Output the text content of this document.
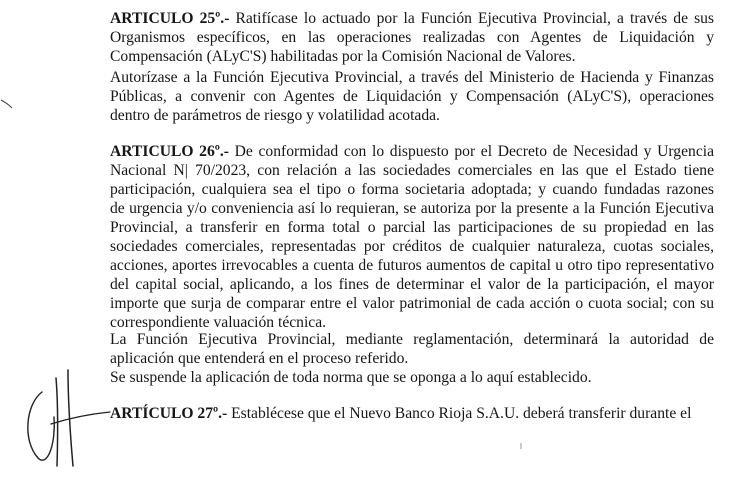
ARTICULO 25º.- Ratifícase lo actuado por la Función Ejecutiva Provincial, a través de sus
Organismos específicos, en las operaciones realizadas con Agentes de Liquidación y
Compensación (ALyC'S) habilitadas por la Comisión Nacional de Valores.
Autorízase a la Función Ejecutiva Provincial, a través del Ministerio de Hacienda y Finanzas
Públicas, a convenir con Agentes de Liquidación y Compensación (ALyC'S), operaciones
dentro de parámetros de riesgo y volatilidad acotada.
ARTICULO 26º.- De conformidad con lo dispuesto por el Decreto de Necesidad y Urgencia
Nacional N| 70/2023, con relación a las sociedades comerciales en las que el Estado tiene
participación, cualquiera sea el tipo o forma societaria adoptada; y cuando fundadas razones
de urgencia y/o conveniencia así lo requieran, se autoriza por la presente a la Función Ejecutiva
Provincial, a transferir en forma total o parcial las participaciones de su propiedad en las
sociedades comerciales, representadas por créditos de cualquier naturaleza, cuotas sociales,
acciones, aportes irrevocables a cuenta de futuros aumentos de capital u otro tipo representativo
del capital social, aplicando, a los fines de determinar el valor de la participación, el mayor
importe que surja de comparar entre el valor patrimonial de cada acción o cuota social; con su
correspondiente valuación técnica.
La Función Ejecutiva Provincial, mediante reglamentación, determinará la autoridad de
aplicación que entenderá en el proceso referido.
Se suspende la aplicación de toda norma que se oponga a lo aquí establecido.
ARTÍCULO 27º.- Establécese que el Nuevo Banco Rioja S.A.U. deberá transferir durante el
